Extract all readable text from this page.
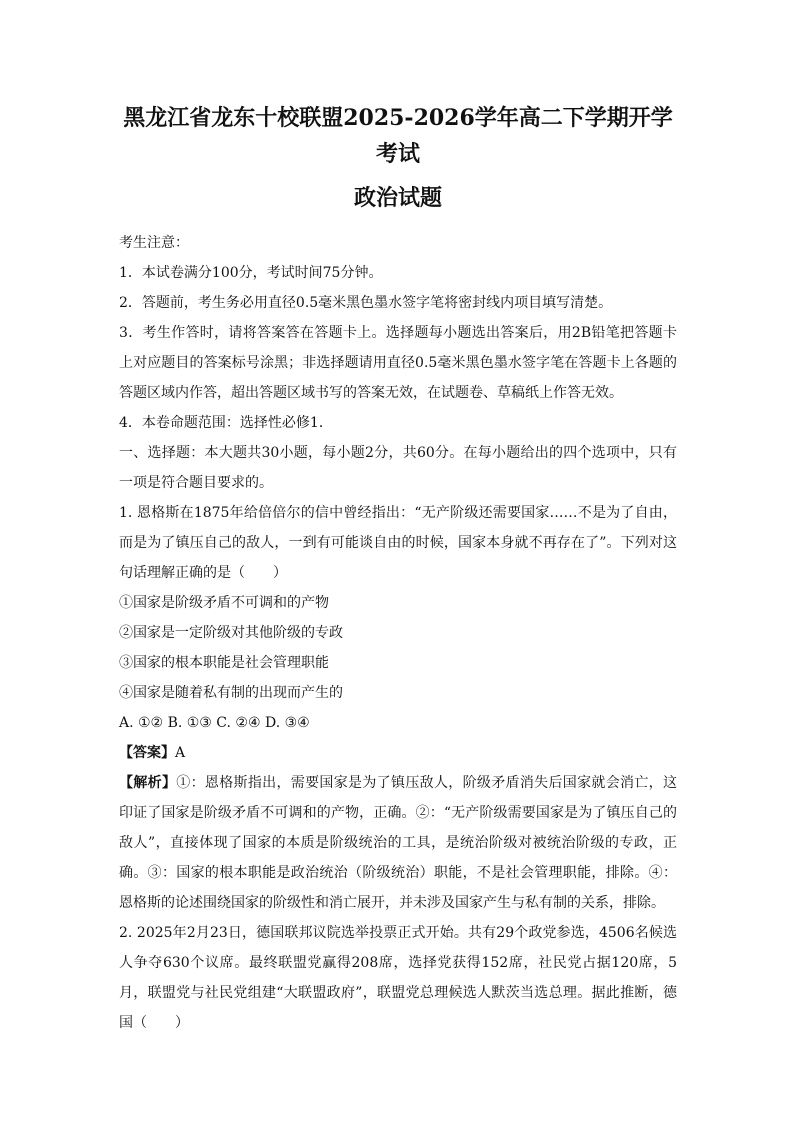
黑龙江省龙东十校联盟2025-2026学年高二下学期开学考试
政治试题

考生注意：

1．本试卷满分100分，考试时间75分钟。

2．答题前，考生务必用直径0.5毫米黑色墨水签字笔将密封线内项目填写清楚。

3．考生作答时，请将答案答在答题卡上。选择题每小题选出答案后，用2B铅笔把答题卡上对应题目的答案标号涂黑；非选择题请用直径0.5毫米黑色墨水签字笔在答题卡上各题的答题区域内作答，超出答题区域书写的答案无效，在试题卷、草稿纸上作答无效。

4．本卷命题范围：选择性必修1．

一、选择题：本大题共30小题，每小题2分，共60分。在每小题给出的四个选项中，只有一项是符合题目要求的。

1. 恩格斯在1875年给倍倍尔的信中曾经指出：“无产阶级还需要国家……不是为了自由，而是为了镇压自己的敌人，一到有可能谈自由的时候，国家本身就不再存在了”。下列对这句话理解正确的是（　　）

①国家是阶级矛盾不可调和的产物

②国家是一定阶级对其他阶级的专政

③国家的根本职能是社会管理职能

④国家是随着私有制的出现而产生的

A. ①② B. ①③ C. ②④ D. ③④

【答案】A

【解析】①：恩格斯指出，需要国家是为了镇压敌人，阶级矛盾消失后国家就会消亡，这印证了国家是阶级矛盾不可调和的产物，正确。②：“无产阶级需要国家是为了镇压自己的敌人”，直接体现了国家的本质是阶级统治的工具，是统治阶级对被统治阶级的专政，正确。③：国家的根本职能是政治统治（阶级统治）职能，不是社会管理职能，排除。④：恩格斯的论述围绕国家的阶级性和消亡展开，并未涉及国家产生与私有制的关系，排除。

2. 2025年2月23日，德国联邦议院选举投票正式开始。共有29个政党参选，4506名候选人争夺630个议席。最终联盟党赢得208席，选择党获得152席，社民党占据120席，5月，联盟党与社民党组建“大联盟政府”，联盟党总理候选人默茨当选总理。据此推断，德国（　　）
